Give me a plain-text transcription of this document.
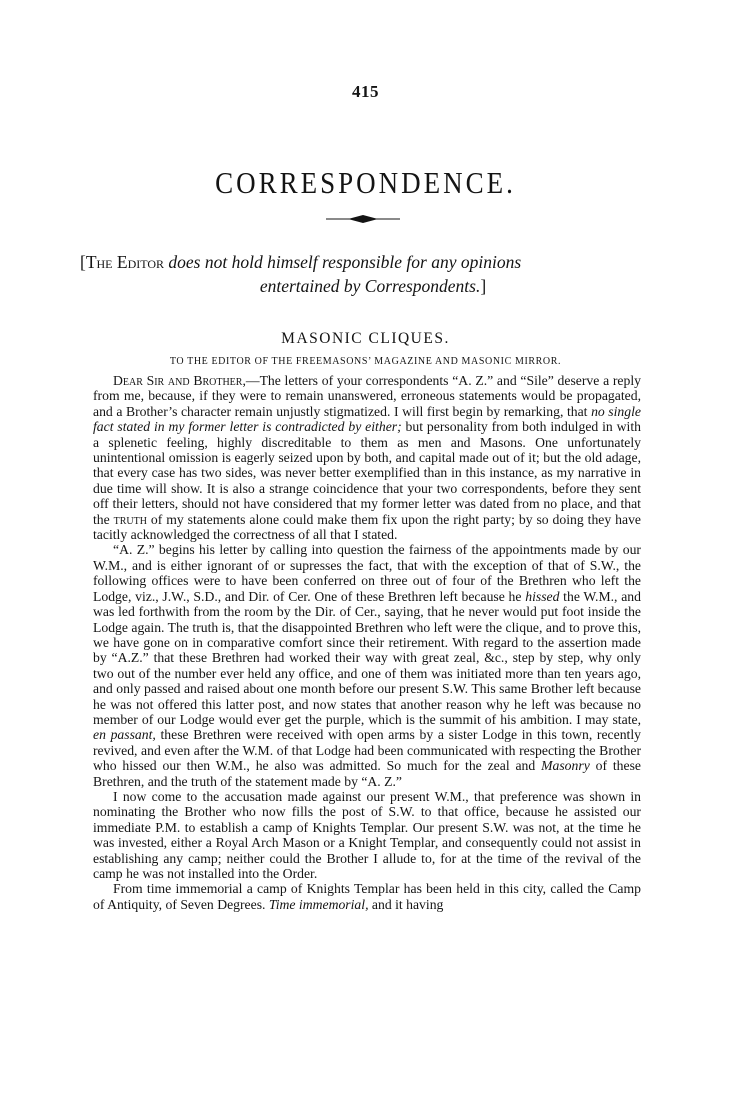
415
CORRESPONDENCE.
[The Editor does not hold himself responsible for any opinions
entertained by Correspondents.]
MASONIC CLIQUES.
TO THE EDITOR OF THE FREEMASONS’ MAGAZINE AND MASONIC MIRROR.

Dear Sir and Brother,—The letters of your correspondents “A. Z.” and “Sile” deserve a reply from me, because, if they were to remain unanswered, erroneous statements would be propagated, and a Brother’s character remain unjustly stigmatized. I will first begin by remarking, that no single fact stated in my former letter is contradicted by either; but personality from both indulged in with a splenetic feeling, highly discreditable to them as men and Masons. One unfortunately unintentional omission is eagerly seized upon by both, and capital made out of it; but the old adage, that every case has two sides, was never better exemplified than in this instance, as my narrative in due time will show. It is also a strange coincidence that your two correspondents, before they sent off their letters, should not have considered that my former letter was dated from no place, and that the truth of my statements alone could make them fix upon the right party; by so doing they have tacitly acknowledged the correctness of all that I stated.

“A. Z.” begins his letter by calling into question the fairness of the appointments made by our W.M., and is either ignorant of or supresses the fact, that with the exception of that of S.W., the following offices were to have been conferred on three out of four of the Brethren who left the Lodge, viz., J.W., S.D., and Dir. of Cer. One of these Brethren left because he hissed the W.M., and was led forthwith from the room by the Dir. of Cer., saying, that he never would put foot inside the Lodge again. The truth is, that the disappointed Brethren who left were the clique, and to prove this, we have gone on in comparative comfort since their retirement. With regard to the assertion made by “A.Z.” that these Brethren had worked their way with great zeal, &c., step by step, why only two out of the number ever held any office, and one of them was initiated more than ten years ago, and only passed and raised about one month before our present S.W. This same Brother left because he was not offered this latter post, and now states that another reason why he left was because no member of our Lodge would ever get the purple, which is the summit of his ambition. I may state, en passant, these Brethren were received with open arms by a sister Lodge in this town, recently revived, and even after the W.M. of that Lodge had been communicated with respecting the Brother who hissed our then W.M., he also was admitted. So much for the zeal and Masonry of these Brethren, and the truth of the statement made by “A. Z.”

I now come to the accusation made against our present W.M., that preference was shown in nominating the Brother who now fills the post of S.W. to that office, because he assisted our immediate P.M. to establish a camp of Knights Templar. Our present S.W. was not, at the time he was invested, either a Royal Arch Mason or a Knight Templar, and consequently could not assist in establishing any camp; neither could the Brother I allude to, for at the time of the revival of the camp he was not installed into the Order.

From time immemorial a camp of Knights Templar has been held in this city, called the Camp of Antiquity, of Seven Degrees. Time immemorial, and it having
